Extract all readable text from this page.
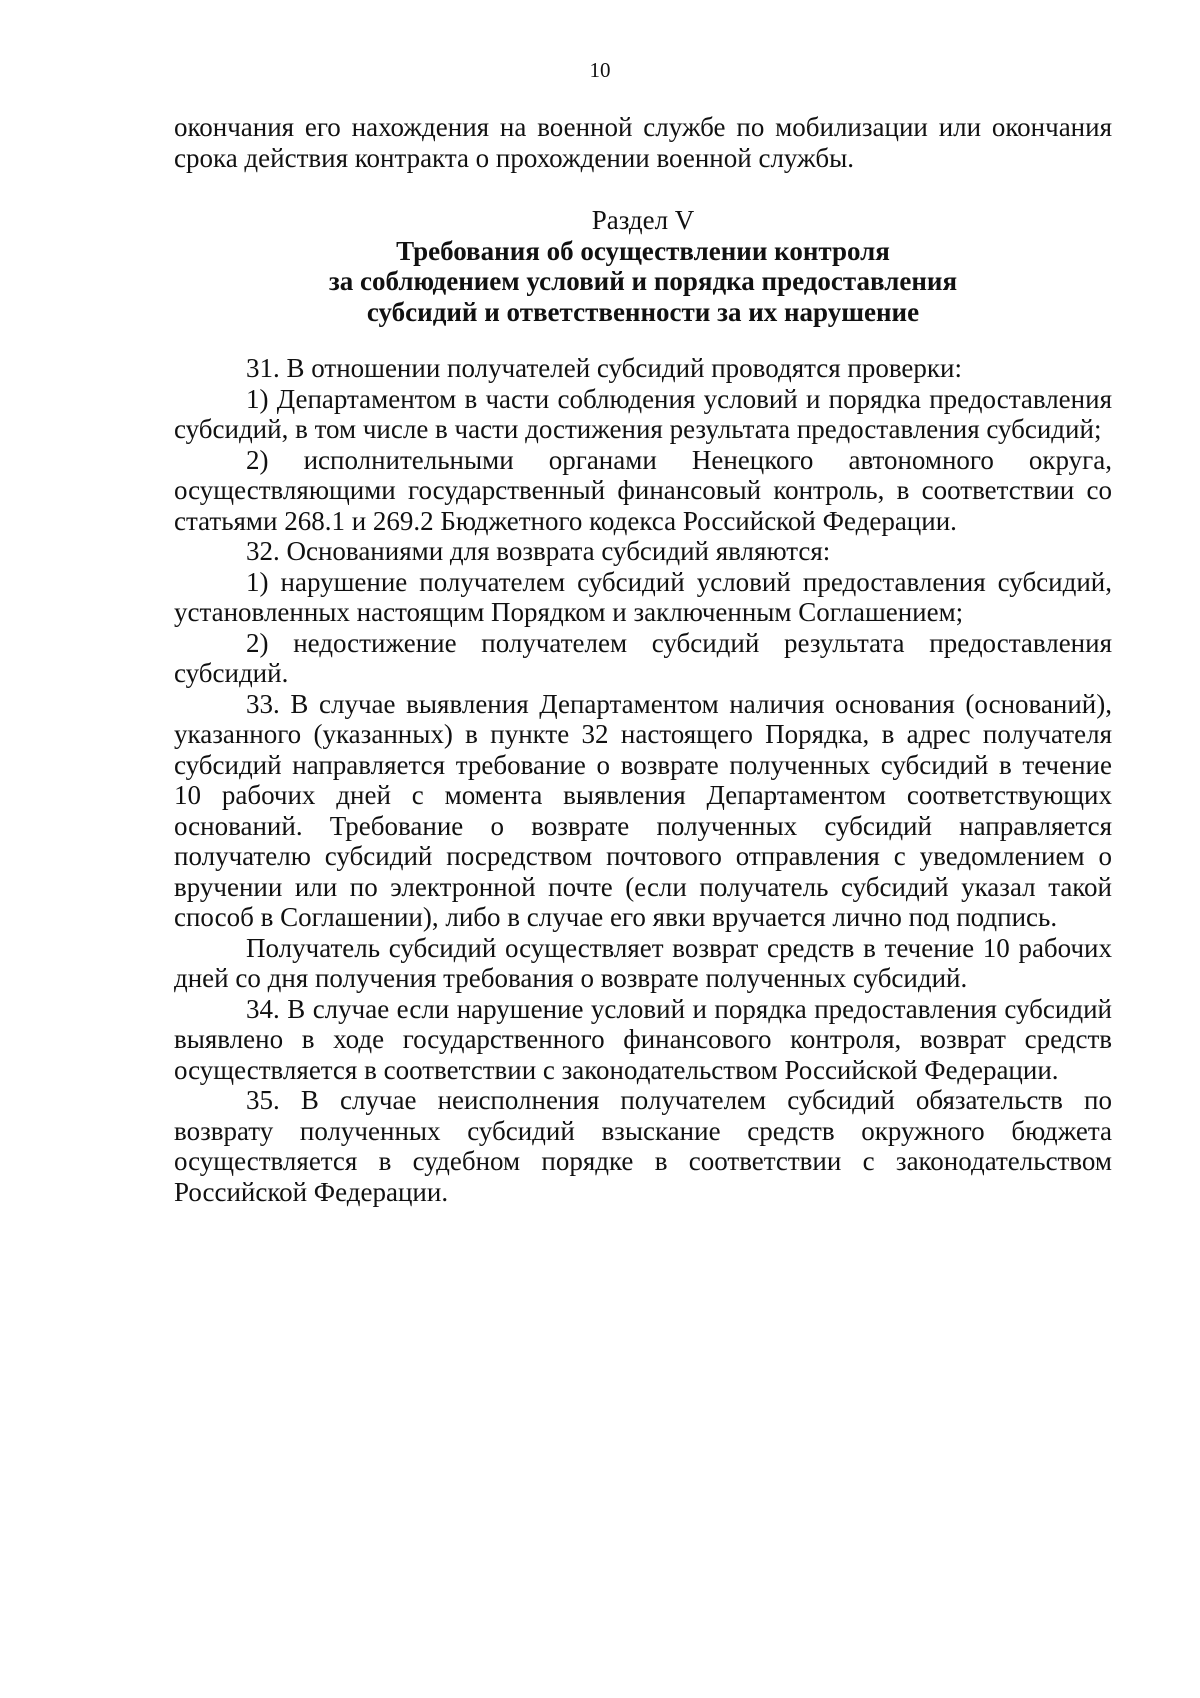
10

окончания его нахождения на военной службе по мобилизации или окончания срока действия контракта о прохождении военной службы.

Раздел V

Требования об осуществлении контроля

за соблюдением условий и порядка предоставления

субсидий и ответственности за их нарушение

31. В отношении получателей субсидий проводятся проверки:

1) Департаментом в части соблюдения условий и порядка предоставления субсидий, в том числе в части достижения результата предоставления субсидий;

2) исполнительными органами Ненецкого автономного округа, осуществляющими государственный финансовый контроль, в соответствии со статьями 268.1 и 269.2 Бюджетного кодекса Российской Федерации.

32. Основаниями для возврата субсидий являются:

1) нарушение получателем субсидий условий предоставления субсидий, установленных настоящим Порядком и заключенным Соглашением;

2) недостижение получателем субсидий результата предоставления субсидий.

33. В случае выявления Департаментом наличия основания (оснований), указанного (указанных) в пункте 32 настоящего Порядка, в адрес получателя субсидий направляется требование о возврате полученных субсидий в течение 10 рабочих дней с момента выявления Департаментом соответствующих оснований. Требование о возврате полученных субсидий направляется получателю субсидий посредством почтового отправления с уведомлением о вручении или по электронной почте (если получатель субсидий указал такой способ в Соглашении), либо в случае его явки вручается лично под подпись.

Получатель субсидий осуществляет возврат средств в течение 10 рабочих дней со дня получения требования о возврате полученных субсидий.

34. В случае если нарушение условий и порядка предоставления субсидий выявлено в ходе государственного финансового контроля, возврат средств осуществляется в соответствии с законодательством Российской Федерации.

35. В случае неисполнения получателем субсидий обязательств по возврату полученных субсидий взыскание средств окружного бюджета осуществляется в судебном порядке в соответствии с законодательством Российской Федерации.
